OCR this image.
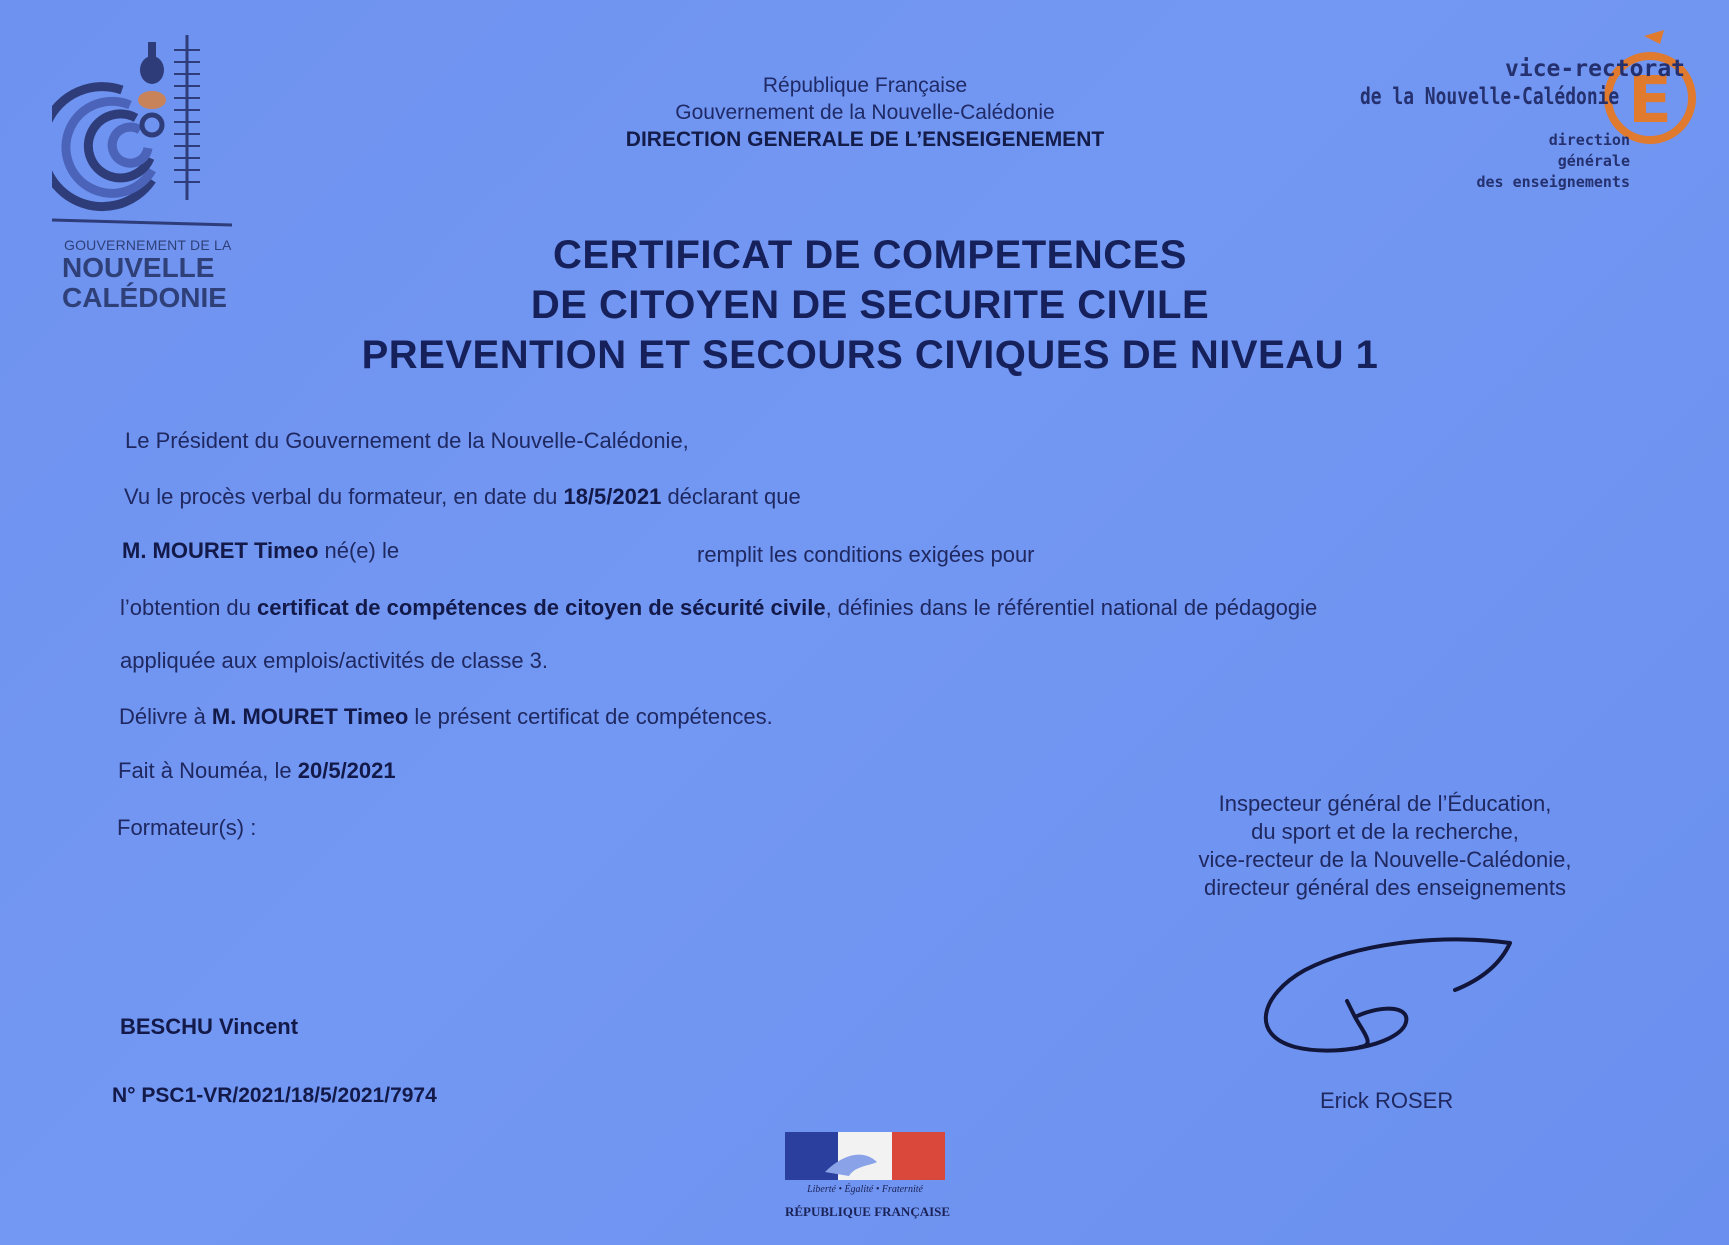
GOUVERNEMENT DE LA
NOUVELLE
CALÉDONIE
République Française
Gouvernement de la Nouvelle-Calédonie
DIRECTION GENERALE DE L’ENSEIGENEMENT
E
vice-rectorat
de la Nouvelle-Calédonie
direction
générale
des enseignements
CERTIFICAT DE COMPETENCES
DE CITOYEN DE SECURITE CIVILE
PREVENTION ET SECOURS CIVIQUES DE NIVEAU 1
Le Président du Gouvernement de la Nouvelle-Calédonie,
Vu le procès verbal du formateur, en date du 18/5/2021 déclarant que
M. MOURET Timeo né(e) le	remplit les conditions exigées pour
l’obtention du certificat de compétences de citoyen de sécurité civile, définies dans le référentiel national de pédagogie
appliquée aux emplois/activités de classe 3.
Délivre à M. MOURET Timeo le présent certificat de compétences.
Fait à Nouméa, le 20/5/2021
Formateur(s) :
Inspecteur général de l’Éducation,
du sport et de la recherche,
vice-recteur de la Nouvelle-Calédonie,
directeur général des enseignements
Erick ROSER
BESCHU Vincent
N° PSC1-VR/2021/18/5/2021/7974
Liberté • Égalité • Fraternité
RÉPUBLIQUE FRANÇAISE
